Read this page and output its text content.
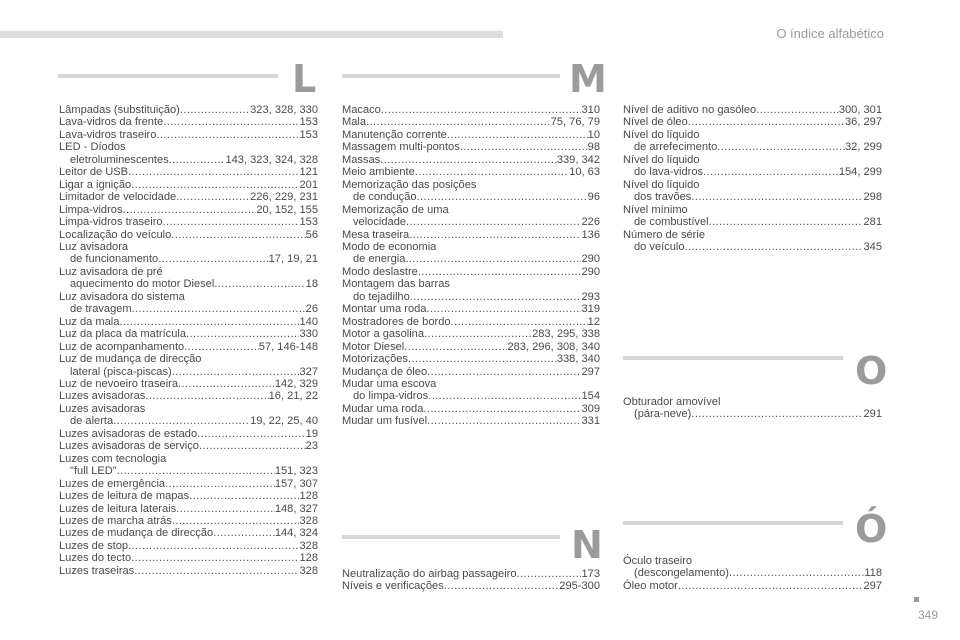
O índice alfabético
L
Lâmpadas (substituição) .....	323, 328, 330
Lava-vidros da frente .....	153
Lava-vidros traseiro .....	153
LED - Díodos
eletroluminescentes .....	143, 323, 324, 328
Leitor de USB .....	121
Ligar a ignição .....	201
Limitador de velocidade .....	226, 229, 231
Limpa-vidros .....	20, 152, 155
Limpa-vidros traseiro .....	153
Localização do veículo .....	56
Luz avisadora
de funcionamento .....	17, 19, 21
Luz avisadora de pré
aquecimento do motor Diesel .....	18
Luz avisadora do sistema
de travagem .....	26
Luz da mala .....	140
Luz da placa da matrícula .....	330
Luz de acompanhamento .....	57, 146-148
Luz de mudança de direcção
lateral (pisca-piscas) .....	327
Luz de nevoeiro traseira .....	142, 329
Luzes avisadoras .....	16, 21, 22
Luzes avisadoras
de alerta .....	19, 22, 25, 40
Luzes avisadoras de estado .....	19
Luzes avisadoras de serviço .....	23
Luzes com tecnologia
"full LED" .....	151, 323
Luzes de emergência .....	157, 307
Luzes de leitura de mapas .....	128
Luzes de leitura laterais .....	148, 327
Luzes de marcha atrás .....	328
Luzes de mudança de direcção .....	144, 324
Luzes de stop .....	328
Luzes do tecto .....	128
Luzes traseiras .....	328
M
Macaco .....	310
Mala .....	75, 76, 79
Manutenção corrente .....	10
Massagem multi-pontos .....	98
Massas .....	339, 342
Meio ambiente .....	10, 63
Memorização das posições
de condução .....	96
Memorização de uma
velocidade .....	226
Mesa traseira .....	136
Modo de economia
de energia .....	290
Modo deslastre .....	290
Montagem das barras
do tejadilho .....	293
Montar uma roda .....	319
Mostradores de bordo .....	12
Motor a gasolina .....	283, 295, 338
Motor Diesel .....	283, 296, 308, 340
Motorizações .....	338, 340
Mudança de óleo .....	297
Mudar uma escova
do limpa-vidros .....	154
Mudar uma roda .....	309
Mudar um fusível .....	331
N
Neutralização do airbag passageiro .....	173
Níveis e verificações .....	295-300
Nível de aditivo no gasóleo .....	300, 301
Nível de óleo .....	36, 297
Nível do líquido
de arrefecimento .....	32, 299
Nível do líquido
do lava-vidros .....	154, 299
Nível do líquido
dos travões .....	298
Nível mínimo
de combustível .....	281
Número de série
do veículo .....	345
O
Obturador amovível
(pára-neve) .....	291
Ó
Óculo traseiro
(descongelamento) .....	118
Óleo motor .....	297
349
